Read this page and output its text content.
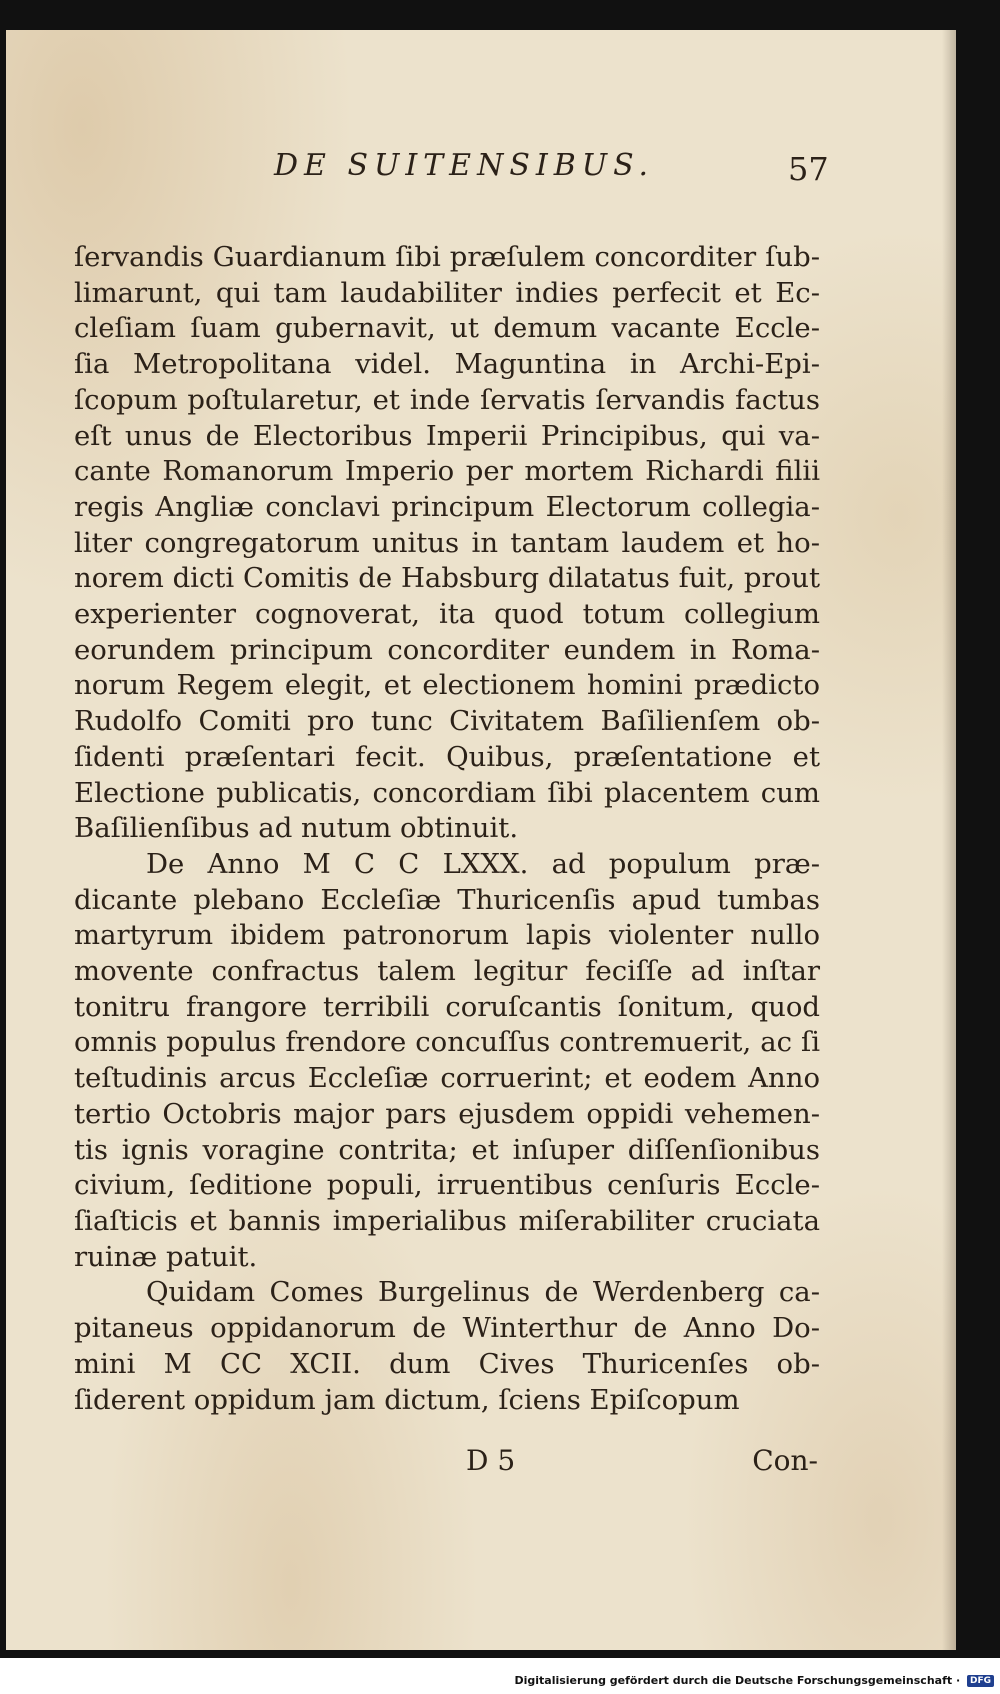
DE SUITENSIBUS.	57
ſervandis Guardianum ſibi præſulem concorditer ſub-
limarunt, qui tam laudabiliter indies perfecit et Ec-
cleſiam ſuam gubernavit, ut demum vacante Eccle-
ſia Metropolitana videl. Maguntina in Archi-Epi-
ſcopum poſtularetur, et inde ſervatis ſervandis factus
eſt unus de Electoribus Imperii Principibus, qui va-
cante Romanorum Imperio per mortem Richardi filii
regis Angliæ conclavi principum Electorum collegia-
liter congregatorum unitus in tantam laudem et ho-
norem dicti Comitis de Habsburg dilatatus fuit, prout
experienter cognoverat, ita quod totum collegium
eorundem principum concorditer eundem in Roma-
norum Regem elegit, et electionem homini prædicto
Rudolfo Comiti pro tunc Civitatem Baſilienſem ob-
ſidenti præſentari fecit. Quibus, præſentatione et
Electione publicatis, concordiam ſibi placentem cum
Baſilienſibus ad nutum obtinuit.
De Anno M C C LXXX. ad populum præ-
dicante plebano Eccleſiæ Thuricenſis apud tumbas
martyrum ibidem patronorum lapis violenter nullo
movente confractus talem legitur feciſſe ad inſtar
tonitru frangore terribili coruſcantis ſonitum, quod
omnis populus frendore concuſſus contremuerit, ac ſi
teſtudinis arcus Eccleſiæ corruerint; et eodem Anno
tertio Octobris major pars ejusdem oppidi vehemen-
tis ignis voragine contrita; et inſuper diſſenſionibus
civium, ſeditione populi, irruentibus cenſuris Eccle-
ſiaſticis et bannis imperialibus miſerabiliter cruciata
ruinæ patuit.
Quidam Comes Burgelinus de Werdenberg ca-
pitaneus oppidanorum de Winterthur de Anno Do-
mini M CC XCII. dum Cives Thuricenſes ob-
ſiderent oppidum jam dictum, ſciens Epiſcopum
D 5	Con-
Digitalisierung gefördert durch die Deutsche Forschungsgemeinschaft · DFG
